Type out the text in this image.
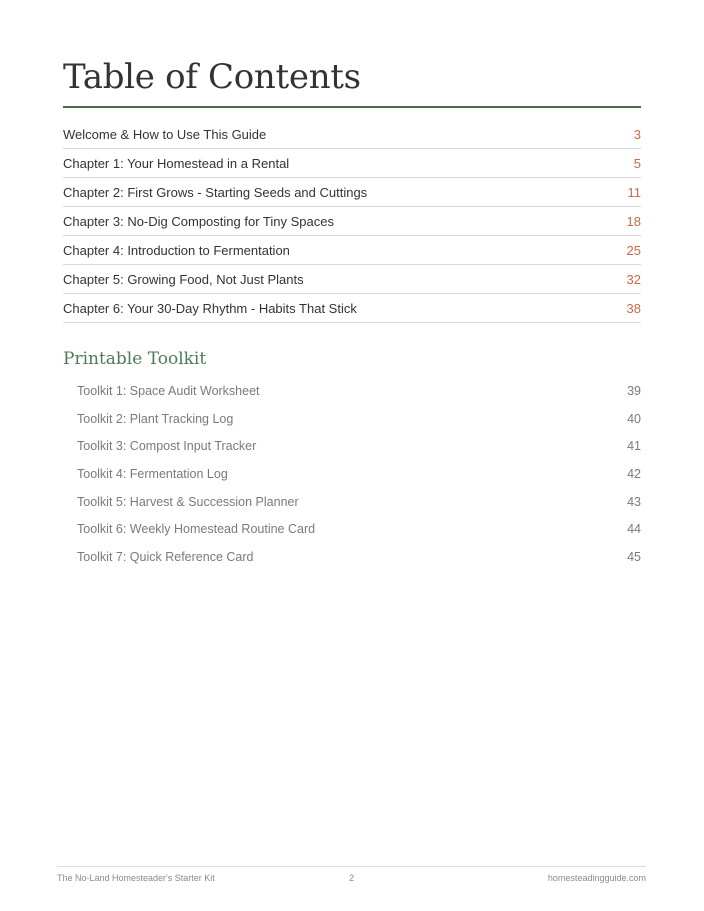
Table of Contents
Welcome & How to Use This Guide	3
Chapter 1: Your Homestead in a Rental	5
Chapter 2: First Grows - Starting Seeds and Cuttings	11
Chapter 3: No-Dig Composting for Tiny Spaces	18
Chapter 4: Introduction to Fermentation	25
Chapter 5: Growing Food, Not Just Plants	32
Chapter 6: Your 30-Day Rhythm - Habits That Stick	38
Printable Toolkit
Toolkit 1: Space Audit Worksheet	39
Toolkit 2: Plant Tracking Log	40
Toolkit 3: Compost Input Tracker	41
Toolkit 4: Fermentation Log	42
Toolkit 5: Harvest & Succession Planner	43
Toolkit 6: Weekly Homestead Routine Card	44
Toolkit 7: Quick Reference Card	45
The No-Land Homesteader's Starter Kit	2	homesteadingguide.com
